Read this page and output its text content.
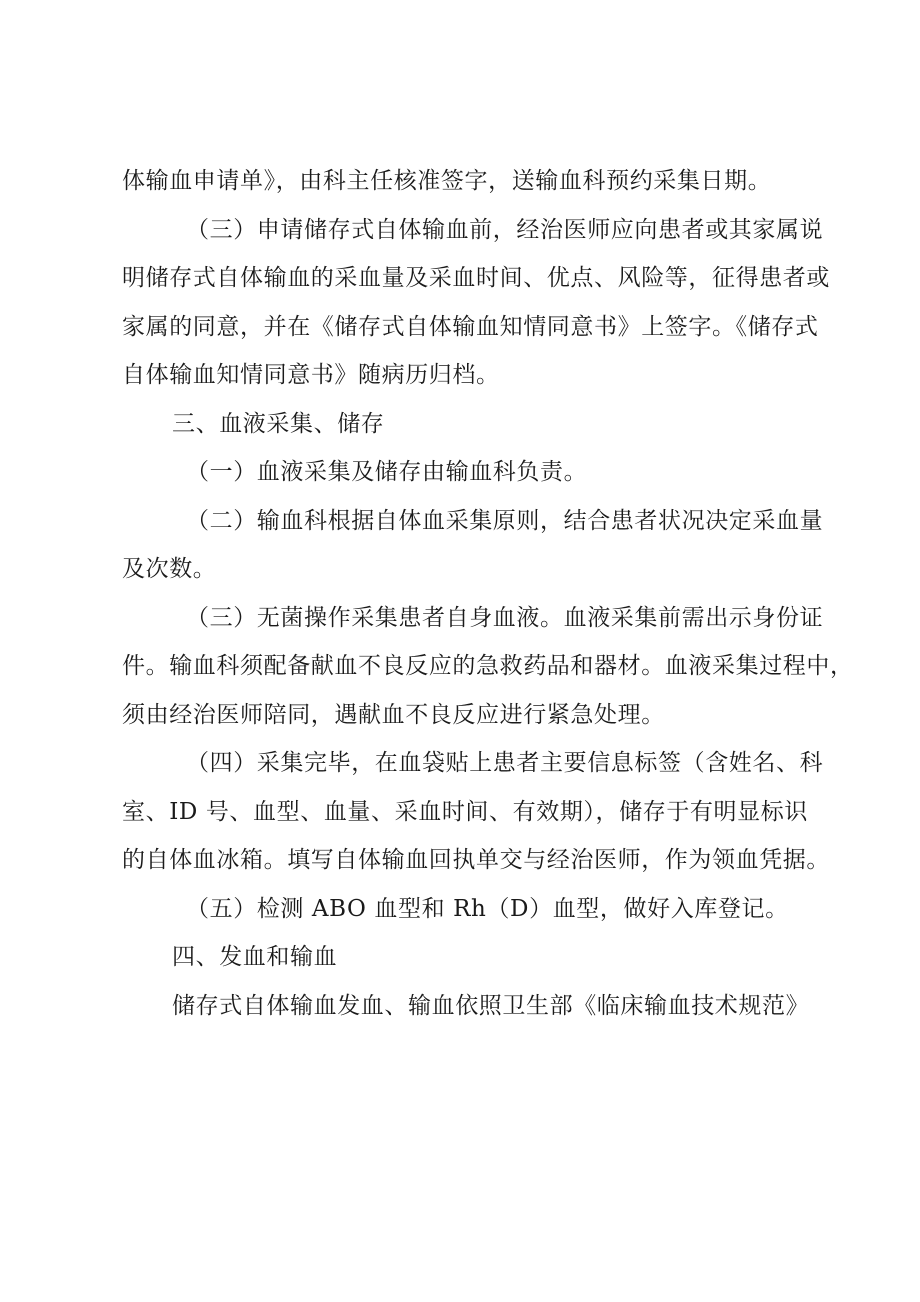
体输血申请单》，由科主任核准签字，送输血科预约采集日期。
（三）申请储存式自体输血前，经治医师应向患者或其家属说
明储存式自体输血的采血量及采血时间、优点、风险等，征得患者或
家属的同意，并在《储存式自体输血知情同意书》上签字。《储存式
自体输血知情同意书》随病历归档。
三、血液采集、储存
（一）血液采集及储存由输血科负责。
（二）输血科根据自体血采集原则，结合患者状况决定采血量
及次数。
（三）无菌操作采集患者自身血液。血液采集前需出示身份证
件。输血科须配备献血不良反应的急救药品和器材。血液采集过程中，
须由经治医师陪同，遇献血不良反应进行紧急处理。
（四）采集完毕，在血袋贴上患者主要信息标签（含姓名、科
室、ID 号、血型、血量、采血时间、有效期），储存于有明显标识
的自体血冰箱。填写自体输血回执单交与经治医师，作为领血凭据。
（五）检测 ABO 血型和 Rh（D）血型，做好入库登记。
四、发血和输血
储存式自体输血发血、输血依照卫生部《临床输血技术规范》
